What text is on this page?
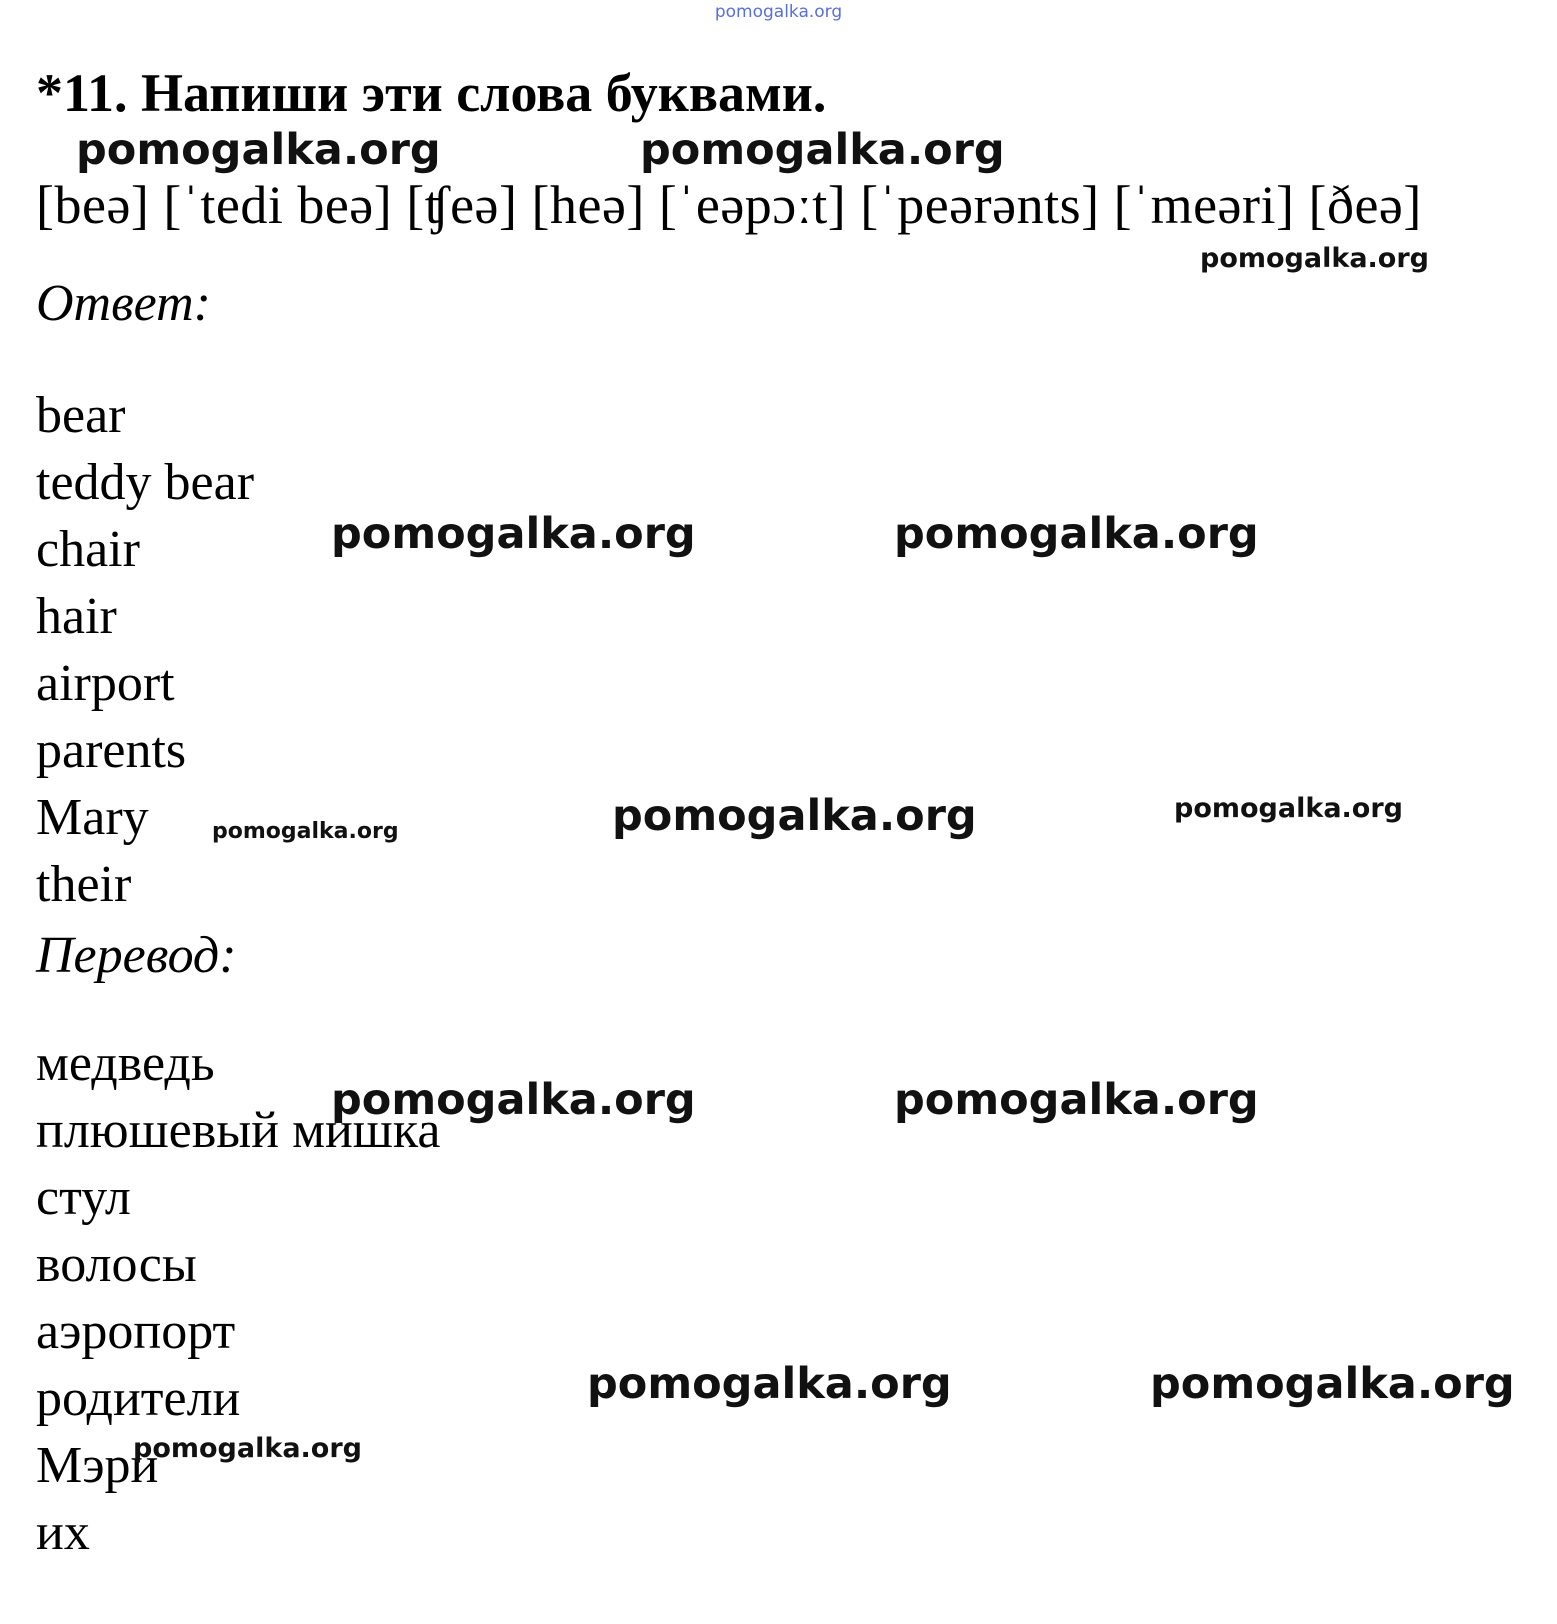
pomogalka.org
*11. Напиши эти слова буквами.
[beə] [ˈtedi beə] [ʧeə] [heə] [ˈeəpɔːt] [ˈpeərənts] [ˈmeəri] [ðeə]
Ответ:
bear
teddy bear
chair
hair
airport
parents
Mary
their
Перевод:
медведь
плюшевый мишка
стул
волосы
аэропорт
родители
Мэри
их
pomogalka.org	pomogalka.org
pomogalka.org
pomogalka.org	pomogalka.org
pomogalka.org	pomogalka.org	pomogalka.org
pomogalka.org	pomogalka.org
pomogalka.org	pomogalka.org
pomogalka.org
